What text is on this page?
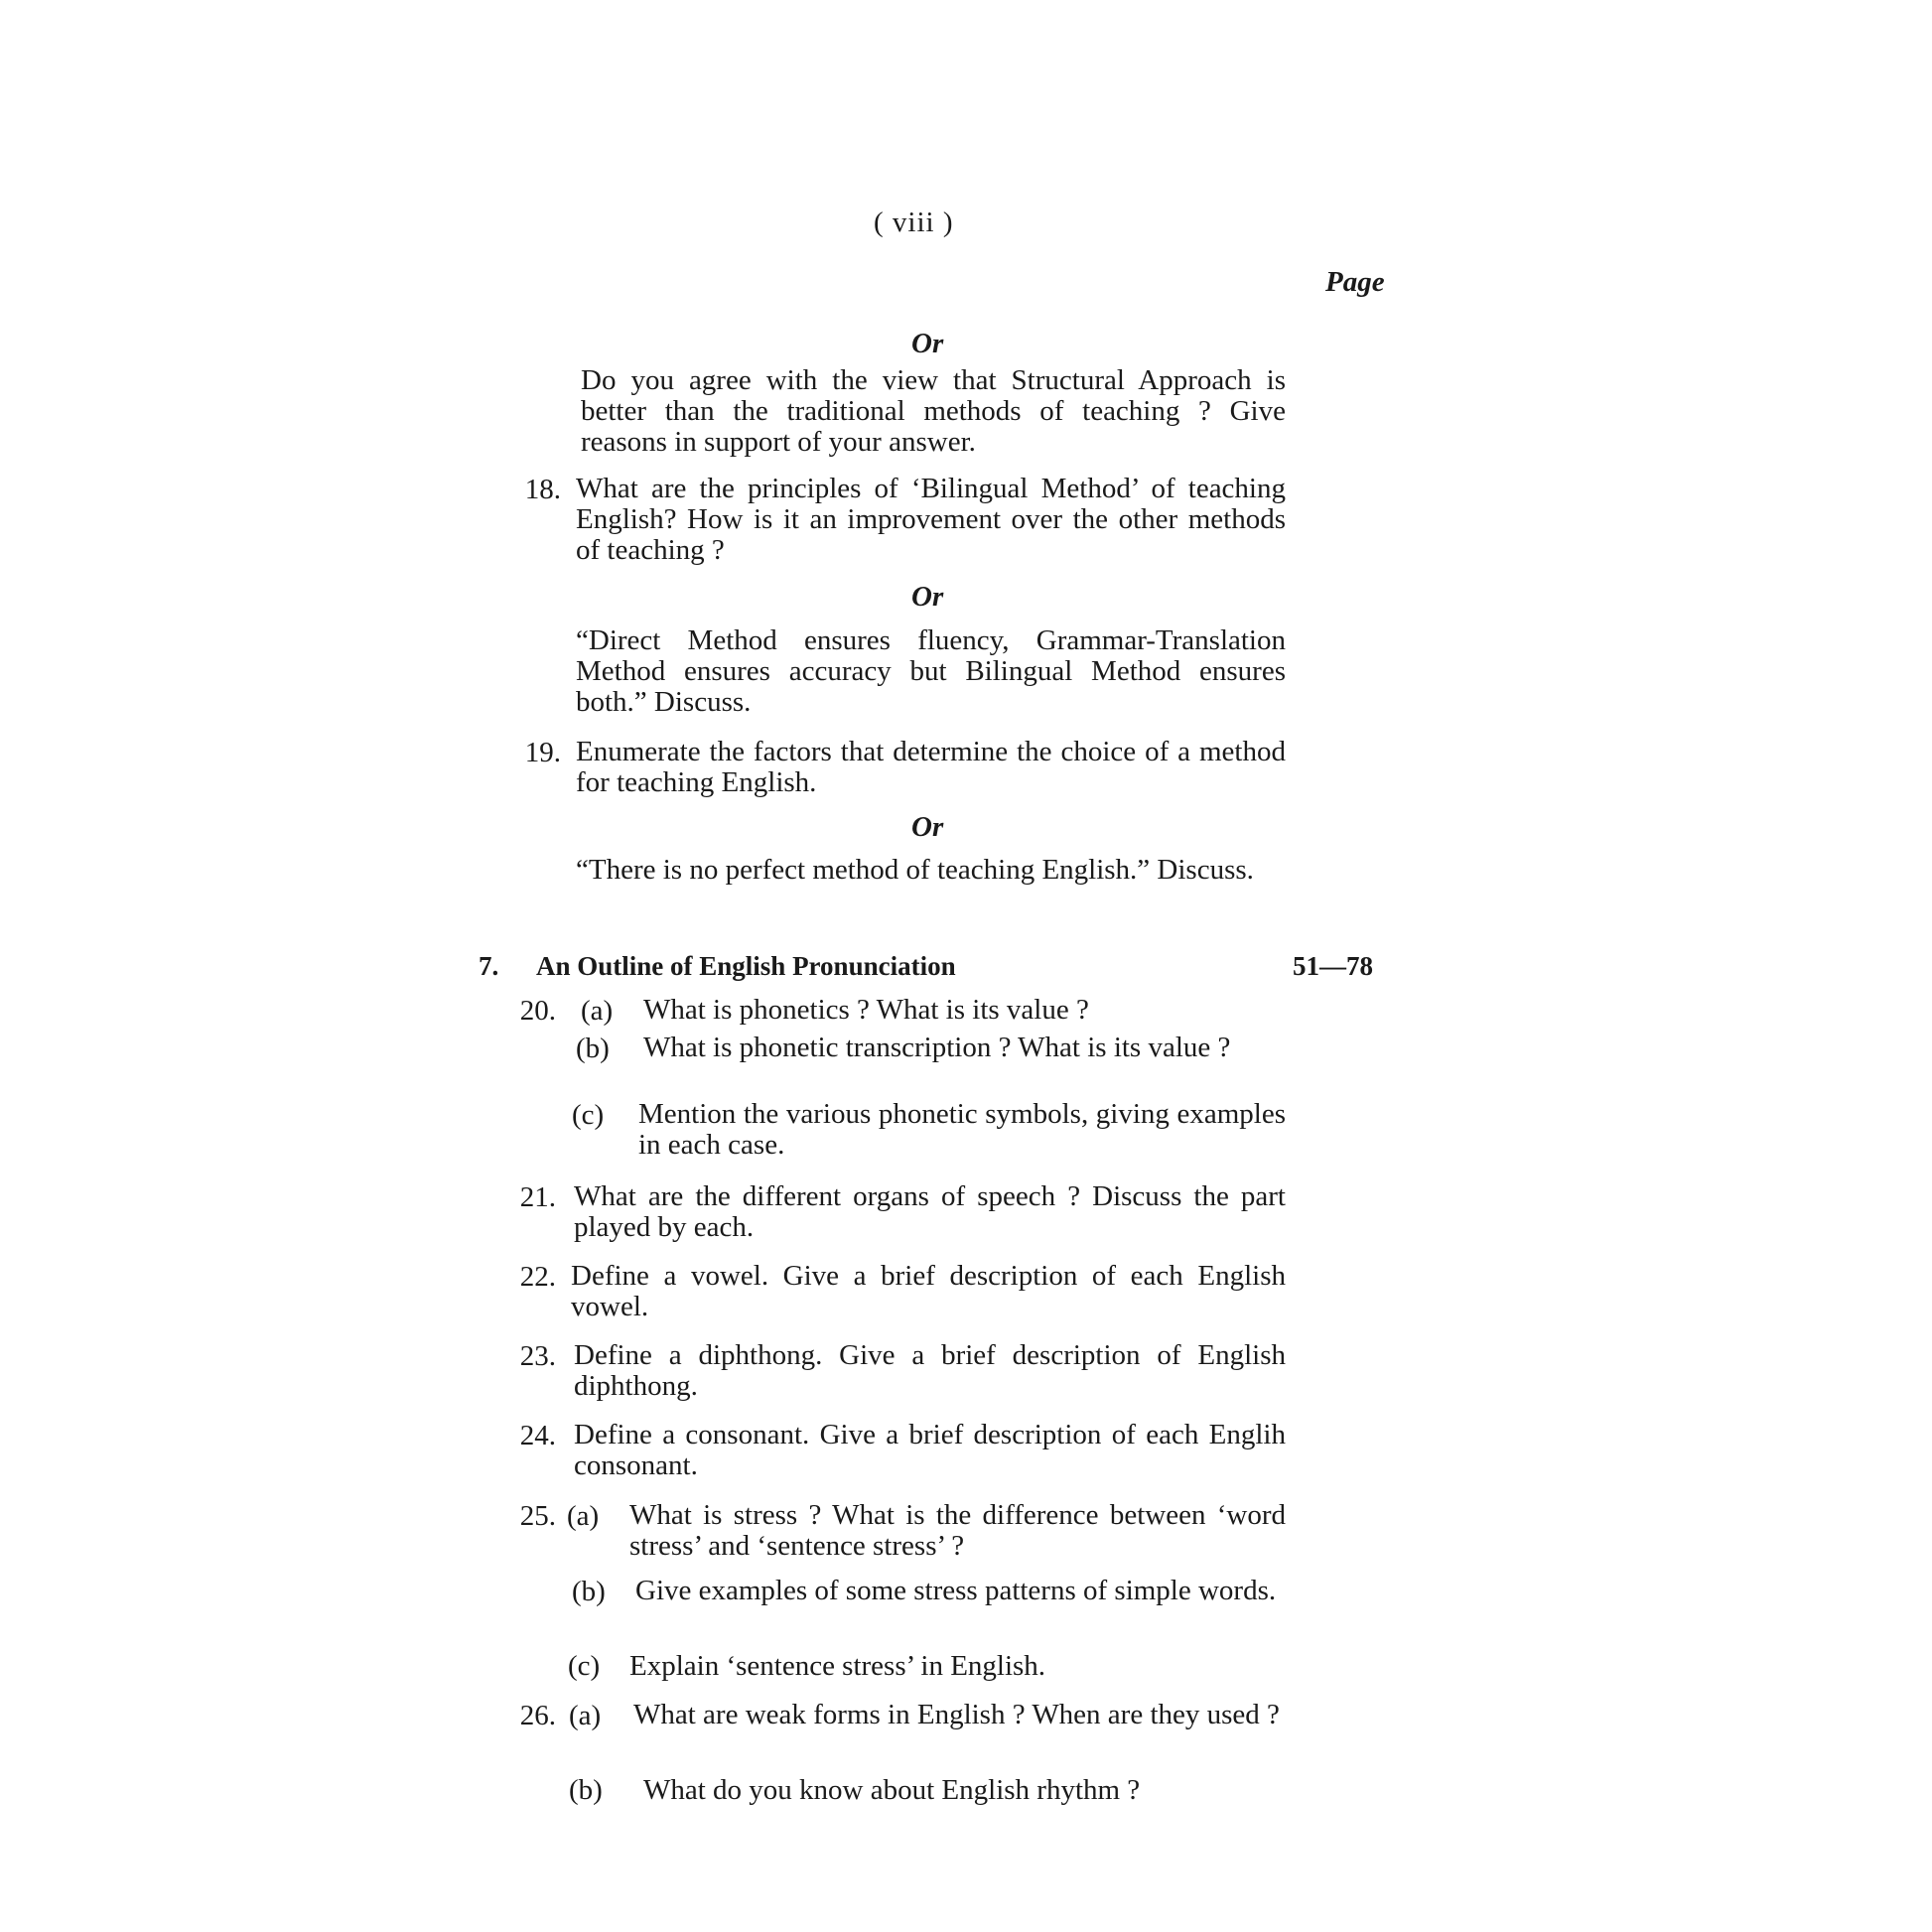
( viii )
Page
Or
Do you agree with the view that Structural Approach is better than the traditional methods of teaching ? Give reasons in support of your answer.
18. What are the principles of ‘Bilingual Method’ of teaching English? How is it an improvement over the other methods of teaching ?
Or
“Direct Method ensures fluency, Grammar-Translation Method ensures accuracy but Bilingual Method ensures both.” Discuss.
19. Enumerate the factors that determine the choice of a method for teaching English.
Or
“There is no perfect method of teaching English.” Discuss.
7. An Outline of English Pronunciation	51—78
20. (a)	What is phonetics ? What is its value ?
(b)	What is phonetic transcription ? What is its value ?
(c)	Mention the various phonetic symbols, giving examples in each case.
21. What are the different organs of speech ? Discuss the part played by each.
22. Define a vowel. Give a brief description of each English vowel.
23. Define a diphthong. Give a brief description of English diphthong.
24. Define a consonant. Give a brief description of each Englih consonant.
25. (a)	What is stress ? What is the difference between ‘word stress’ and ‘sentence stress’ ?
(b)	Give examples of some stress patterns of simple words.
(c)	Explain ‘sentence stress’ in English.
26. (a)	What are weak forms in English ? When are they used ?
(b)	What do you know about English rhythm ?
